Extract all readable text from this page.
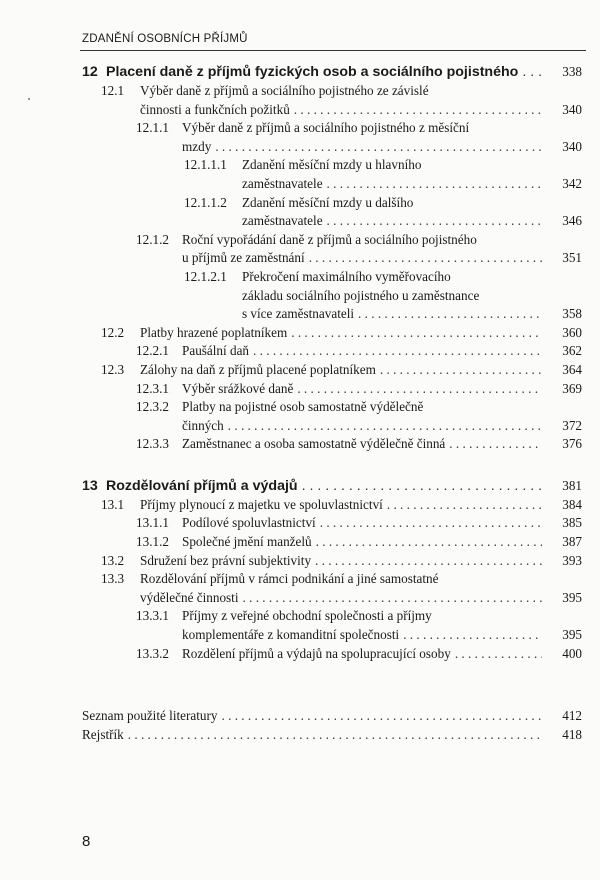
ZDANĚNÍ OSOBNÍCH PŘÍJMŮ
12 Placení daně z příjmů fyzických osob a sociálního pojistného . . .	338
12.1 Výběr daně z příjmů a sociálního pojistného ze závislé
činnosti a funkčních požitků . . .	340
12.1.1 Výběr daně z příjmů a sociálního pojistného z měsíční
mzdy . . .	340
12.1.1.1 Zdanění měsíční mzdy u hlavního
zaměstnavatele . . .	342
12.1.1.2 Zdanění měsíční mzdy u dalšího
zaměstnavatele . . .	346
12.1.2 Roční vypořádání daně z příjmů a sociálního pojistného
u příjmů ze zaměstnání . . .	351
12.1.2.1 Překročení maximálního vyměřovacího
základu sociálního pojistného u zaměstnance
s více zaměstnavateli . . .	358
12.2 Platby hrazené poplatníkem . . .	360
12.2.1 Paušální daň . . .	362
12.3 Zálohy na daň z příjmů placené poplatníkem . . .	364
12.3.1 Výběr srážkové daně . . .	369
12.3.2 Platby na pojistné osob samostatně výdělečně
činných . . .	372
12.3.3 Zaměstnanec a osoba samostatně výdělečně činná . . .	376
13 Rozdělování příjmů a výdajů . . .	381
13.1 Příjmy plynoucí z majetku ve spoluvlastnictví . . .	384
13.1.1 Podílové spoluvlastnictví . . .	385
13.1.2 Společné jmění manželů . . .	387
13.2 Sdružení bez právní subjektivity . . .	393
13.3 Rozdělování příjmů v rámci podnikání a jiné samostatné
výdělečné činnosti . . .	395
13.3.1 Příjmy z veřejné obchodní společnosti a příjmy
komplementáře z komanditní společnosti . . .	395
13.3.2 Rozdělení příjmů a výdajů na spolupracující osoby . . .	400
Seznam použité literatury . . .	412
Rejstřík . . .	418
8
